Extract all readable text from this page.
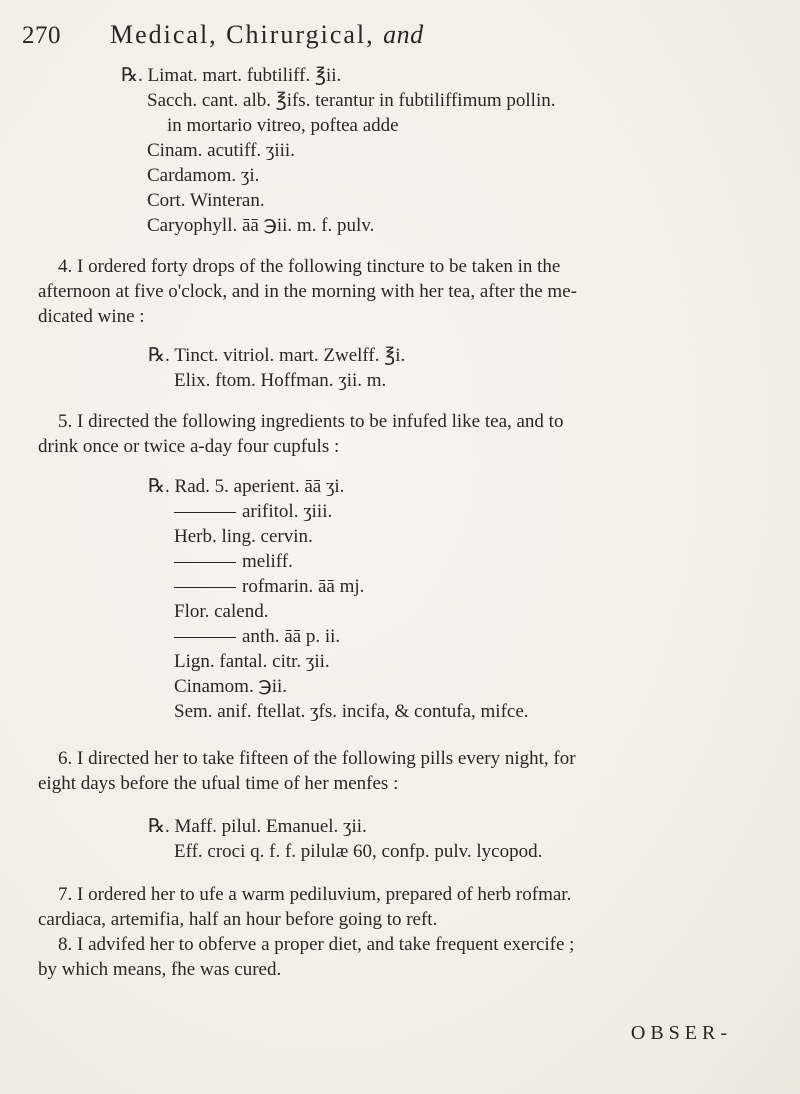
270 Medical, Chirurgical, and
℞. Limat. mart. fubtiliff. ℥ii.
Sacch. cant. alb. ℥ifs. terantur in fubtiliffimum pollin.
in mortario vitreo, poftea adde
Cinam. acutiff. ʒiii.
Cardamom. ʒi.
Cort. Winteran.
Caryophyll. āā ℈ii. m. f. pulv.
4. I ordered forty drops of the following tincture to be taken in the
afternoon at five o'clock, and in the morning with her tea, after the me-
dicated wine :
℞. Tinct. vitriol. mart. Zwelff. ℥i.
Elix. ftom. Hoffman. ʒii. m.
5. I directed the following ingredients to be infufed like tea, and to
drink once or twice a-day four cupfuls :
℞. Rad. 5. aperient. āā ʒi.
arifitol. ʒiii.
Herb. ling. cervin.
meliff.
rofmarin. āā mj.
Flor. calend.
anth. āā p. ii.
Lign. fantal. citr. ʒii.
Cinamom. ℈ii.
Sem. anif. ftellat. ʒfs. incifa, & contufa, mifce.
6. I directed her to take fifteen of the following pills every night, for
eight days before the ufual time of her menfes :
℞. Maff. pilul. Emanuel. ʒii.
Eff. croci q. f. f. pilulæ 60, confp. pulv. lycopod.
7. I ordered her to ufe a warm pediluvium, prepared of herb rofmar.
cardiaca, artemifia, half an hour before going to reft.
8. I advifed her to obferve a proper diet, and take frequent exercife ;
by which means, fhe was cured.
OBSER-
